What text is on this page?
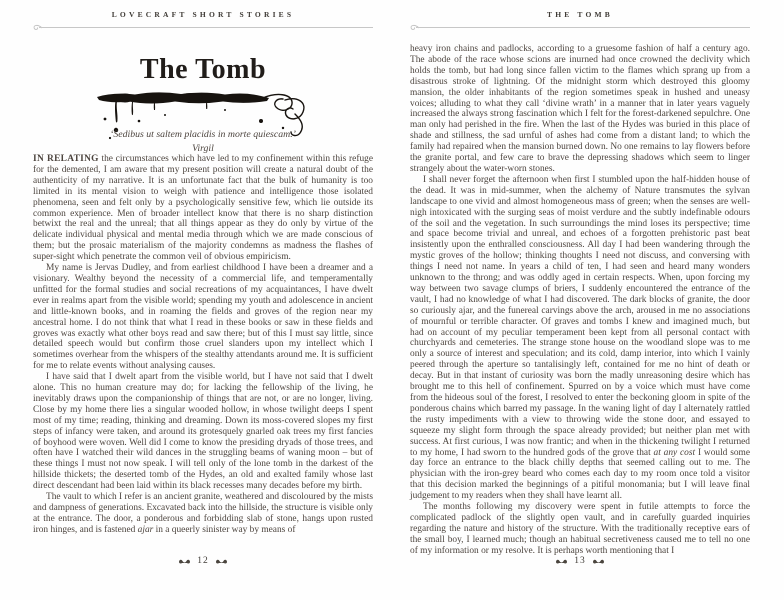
LOVECRAFT SHORT STORIES
The Tomb
‘Sedibus ut saltem placidis in morte quiescam.’
Virgil

IN RELATING the circumstances which have led to my confinement within this refuge for the demented, I am aware that my present position will create a natural doubt of the authenticity of my narrative. It is an unfortunate fact that the bulk of humanity is too limited in its mental vision to weigh with patience and intelligence those isolated phenomena, seen and felt only by a psychologically sensitive few, which lie outside its common experience. Men of broader intellect know that there is no sharp distinction betwixt the real and the unreal; that all things appear as they do only by virtue of the delicate individual physical and mental media through which we are made conscious of them; but the prosaic materialism of the majority condemns as madness the flashes of super-sight which penetrate the common veil of obvious empiricism.

My name is Jervas Dudley, and from earliest childhood I have been a dreamer and a visionary. Wealthy beyond the necessity of a commercial life, and temperamentally unfitted for the formal studies and social recreations of my acquaintances, I have dwelt ever in realms apart from the visible world; spending my youth and adolescence in ancient and little-known books, and in roaming the fields and groves of the region near my ancestral home. I do not think that what I read in these books or saw in these fields and groves was exactly what other boys read and saw there; but of this I must say little, since detailed speech would but confirm those cruel slanders upon my intellect which I sometimes overhear from the whispers of the stealthy attendants around me. It is sufficient for me to relate events without analysing causes.

I have said that I dwelt apart from the visible world, but I have not said that I dwelt alone. This no human creature may do; for lacking the fellowship of the living, he inevitably draws upon the companionship of things that are not, or are no longer, living. Close by my home there lies a singular wooded hollow, in whose twilight deeps I spent most of my time; reading, thinking and dreaming. Down its moss-covered slopes my first steps of infancy were taken, and around its grotesquely gnarled oak trees my first fancies of boyhood were woven. Well did I come to know the presiding dryads of those trees, and often have I watched their wild dances in the struggling beams of waning moon – but of these things I must not now speak. I will tell only of the lone tomb in the darkest of the hillside thickets; the deserted tomb of the Hydes, an old and exalted family whose last direct descendant had been laid within its black recesses many decades before my birth.

The vault to which I refer is an ancient granite, weathered and discoloured by the mists and dampness of generations. Excavated back into the hillside, the structure is visible only at the entrance. The door, a ponderous and forbidding slab of stone, hangs upon rusted iron hinges, and is fastened ajar in a queerly sinister way by means of

12
THE TOMB

heavy iron chains and padlocks, according to a gruesome fashion of half a century ago. The abode of the race whose scions are inurned had once crowned the declivity which holds the tomb, but had long since fallen victim to the flames which sprang up from a disastrous stroke of lightning. Of the midnight storm which destroyed this gloomy mansion, the older inhabitants of the region sometimes speak in hushed and uneasy voices; alluding to what they call ‘divine wrath’ in a manner that in later years vaguely increased the always strong fascination which I felt for the forest-darkened sepulchre. One man only had perished in the fire. When the last of the Hydes was buried in this place of shade and stillness, the sad urnful of ashes had come from a distant land; to which the family had repaired when the mansion burned down. No one remains to lay flowers before the granite portal, and few care to brave the depressing shadows which seem to linger strangely about the water-worn stones.

I shall never forget the afternoon when first I stumbled upon the half-hidden house of the dead. It was in mid-summer, when the alchemy of Nature transmutes the sylvan landscape to one vivid and almost homogeneous mass of green; when the senses are well-nigh intoxicated with the surging seas of moist verdure and the subtly indefinable odours of the soil and the vegetation. In such surroundings the mind loses its perspective; time and space become trivial and unreal, and echoes of a forgotten prehistoric past beat insistently upon the enthralled consciousness. All day I had been wandering through the mystic groves of the hollow; thinking thoughts I need not discuss, and conversing with things I need not name. In years a child of ten, I had seen and heard many wonders unknown to the throng; and was oddly aged in certain respects. When, upon forcing my way between two savage clumps of briers, I suddenly encountered the entrance of the vault, I had no knowledge of what I had discovered. The dark blocks of granite, the door so curiously ajar, and the funereal carvings above the arch, aroused in me no associations of mournful or terrible character. Of graves and tombs I knew and imagined much, but had on account of my peculiar temperament been kept from all personal contact with churchyards and cemeteries. The strange stone house on the woodland slope was to me only a source of interest and speculation; and its cold, damp interior, into which I vainly peered through the aperture so tantalisingly left, contained for me no hint of death or decay. But in that instant of curiosity was born the madly unreasoning desire which has brought me to this hell of confinement. Spurred on by a voice which must have come from the hideous soul of the forest, I resolved to enter the beckoning gloom in spite of the ponderous chains which barred my passage. In the waning light of day I alternately rattled the rusty impediments with a view to throwing wide the stone door, and essayed to squeeze my slight form through the space already provided; but neither plan met with success. At first curious, I was now frantic; and when in the thickening twilight I returned to my home, I had sworn to the hundred gods of the grove that at any cost I would some day force an entrance to the black chilly depths that seemed calling out to me. The physician with the iron-grey beard who comes each day to my room once told a visitor that this decision marked the beginnings of a pitiful monomania; but I will leave final judgement to my readers when they shall have learnt all.

The months following my discovery were spent in futile attempts to force the complicated padlock of the slightly open vault, and in carefully guarded inquiries regarding the nature and history of the structure. With the traditionally receptive ears of the small boy, I learned much; though an habitual secretiveness caused me to tell no one of my information or my resolve. It is perhaps worth mentioning that I

13
